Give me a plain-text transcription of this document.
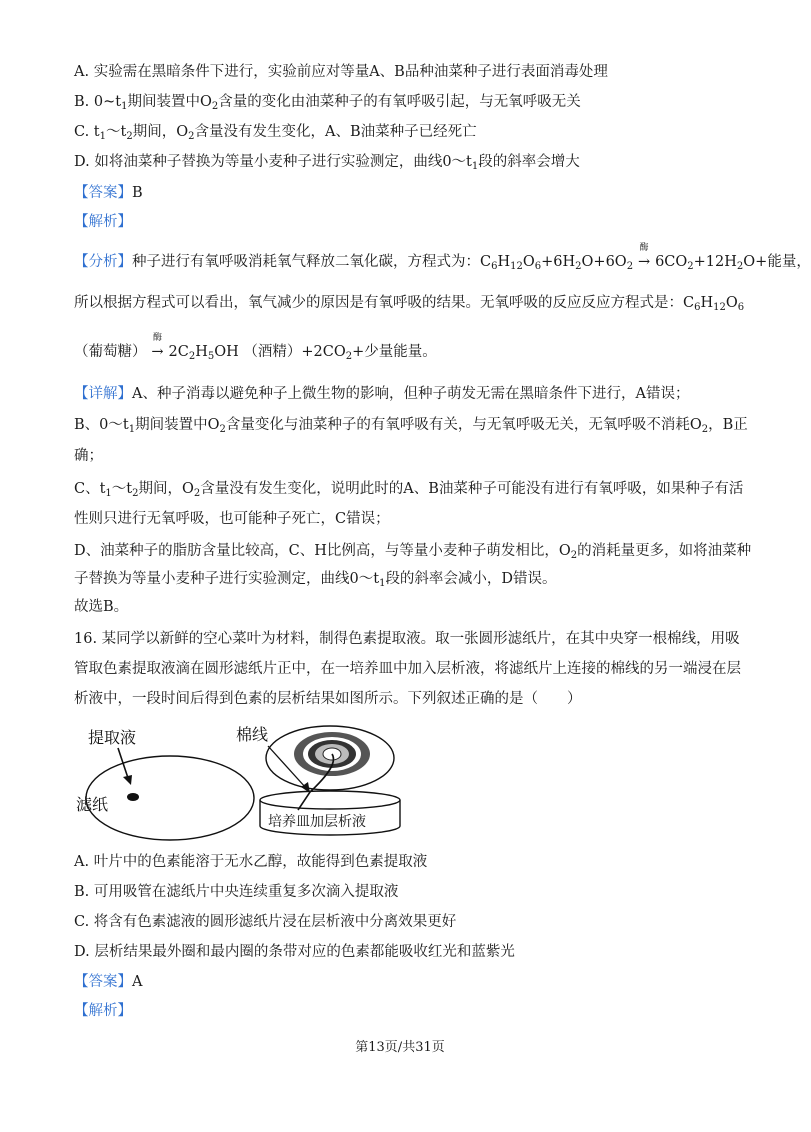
A. 实验需在黑暗条件下进行，实验前应对等量A、B品种油菜种子进行表面消毒处理
B. $0\sim t_1$期间装置中$O_2$含量的变化由油菜种子的有氧呼吸引起，与无氧呼吸无关
C. $t_1\sim t_2$期间，$O_2$含量没有发生变化，A、B油菜种子已经死亡
D. 如将油菜种子替换为等量小麦种子进行实验测定，曲线$0\sim t_1$段的斜率会增大
【答案】B
【解析】
【分析】种子进行有氧呼吸消耗氧气释放二氧化碳，方程式为：$C_6H_{12}O_6+6H_2O+6O_2$
酶
→ $6CO_2+12H_2O+$能量，
所以根据方程式可以看出，氧气减少的原因是有氧呼吸的结果。无氧呼吸的反应反应方程式是：$C_6H_{12}O_6$
（葡萄糖）
酶
→ $2C_2H_5OH$ （酒精）$+2CO_2+$少量能量。
【详解】A、种子消毒以避免种子上微生物的影响，但种子萌发无需在黑暗条件下进行，A错误；
B、$0\sim t_1$期间装置中$O_2$含量变化与油菜种子的有氧呼吸有关，与无氧呼吸无关，无氧呼吸不消耗$O_2$，B正
确；
C、$t_1\sim t_2$期间，$O_2$含量没有发生变化，说明此时的A、B油菜种子可能没有进行有氧呼吸，如果种子有活
性则只进行无氧呼吸，也可能种子死亡，C错误；
D、油菜种子的脂肪含量比较高，C、H比例高，与等量小麦种子萌发相比，$O_2$的消耗量更多，如将油菜种
子替换为等量小麦种子进行实验测定，曲线$0\sim t_1$段的斜率会减小，D错误。
故选B。
16. 某同学以新鲜的空心菜叶为材料，制得色素提取液。取一张圆形滤纸片，在其中央穿一根棉线，用吸
管取色素提取液滴在圆形滤纸片正中，在一培养皿中加入层析液，将滤纸片上连接的棉线的另一端浸在层
析液中，一段时间后得到色素的层析结果如图所示。下列叙述正确的是（　　）
提取液
滤纸
培养皿加层析液
棉线
A. 叶片中的色素能溶于无水乙醇，故能得到色素提取液
B. 可用吸管在滤纸片中央连续重复多次滴入提取液
C. 将含有色素滤液的圆形滤纸片浸在层析液中分离效果更好
D. 层析结果最外圈和最内圈的条带对应的色素都能吸收红光和蓝紫光
【答案】A
【解析】
第13页/共31页
